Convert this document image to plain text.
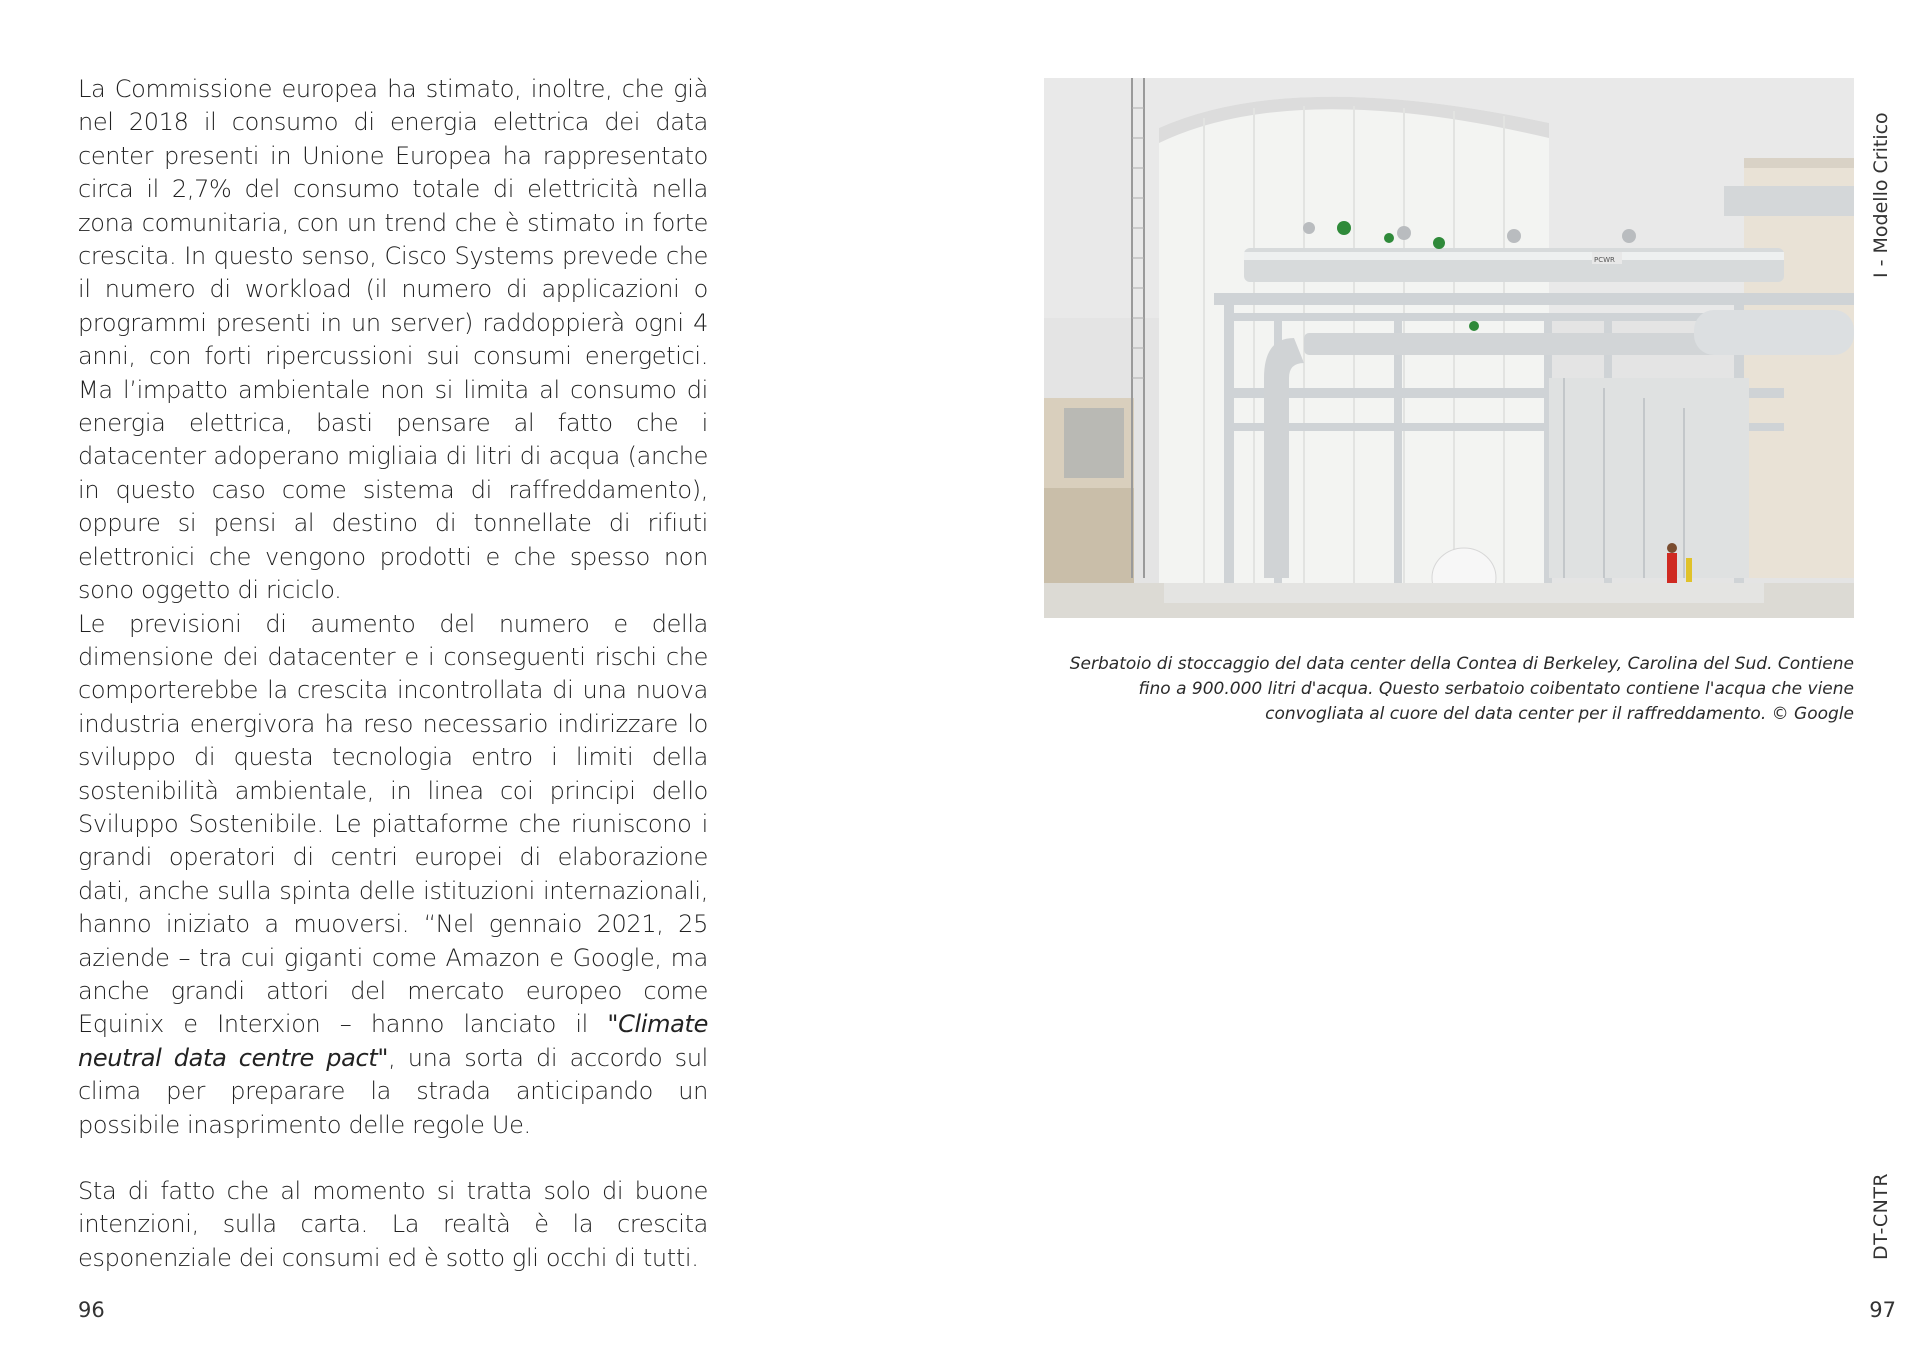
La Commissione europea ha stimato, inoltre, che già nel 2018 il consumo di energia elettrica dei data center presenti in Unione Europea ha rappresentato circa il 2,7% del consumo totale di elettricità nella zona comunitaria, con un trend che è stimato in forte crescita. In questo senso, Cisco Systems prevede che il numero di workload (il numero di applicazioni o programmi presenti in un server) raddoppierà ogni 4 anni, con forti ripercussioni sui consumi energetici. Ma l’impatto ambientale non si limita al consumo di energia elettrica, basti pensare al fatto che i datacenter adoperano migliaia di litri di acqua (anche in questo caso come sistema di raffreddamento), oppure si pensi al destino di tonnellate di rifiuti elettronici che vengono prodotti e che spesso non sono oggetto di riciclo.

Le previsioni di aumento del numero e della dimensione dei datacenter e i conseguenti rischi che comporterebbe la crescita incontrollata di una nuova industria energivora ha reso necessario indirizzare lo sviluppo di questa tecnologia entro i limiti della sostenibilità ambientale, in linea coi principi dello Sviluppo Sostenibile. Le piattaforme che riuniscono i grandi operatori di centri europei di elaborazione dati, anche sulla spinta delle istituzioni internazionali, hanno iniziato a muoversi. “Nel gennaio 2021, 25 aziende – tra cui giganti come Amazon e Google, ma anche grandi attori del mercato europeo come Equinix e Interxion – hanno lanciato il "Climate neutral data centre pact", una sorta di accordo sul clima per preparare la strada anticipando un possibile inasprimento delle regole Ue.

Sta di fatto che al momento si tratta solo di buone intenzioni, sulla carta. La realtà è la crescita esponenziale dei consumi ed è sotto gli occhi di tutti.

96
PCWR

Serbatoio di stoccaggio del data center della Contea di Berkeley, Carolina del Sud. Contiene fino a 900.000 litri d'acqua. Questo serbatoio coibentato contiene l'acqua che viene convogliata al cuore del data center per il raffreddamento. © Google

I - Modello Critico
DT-CNTR
97
